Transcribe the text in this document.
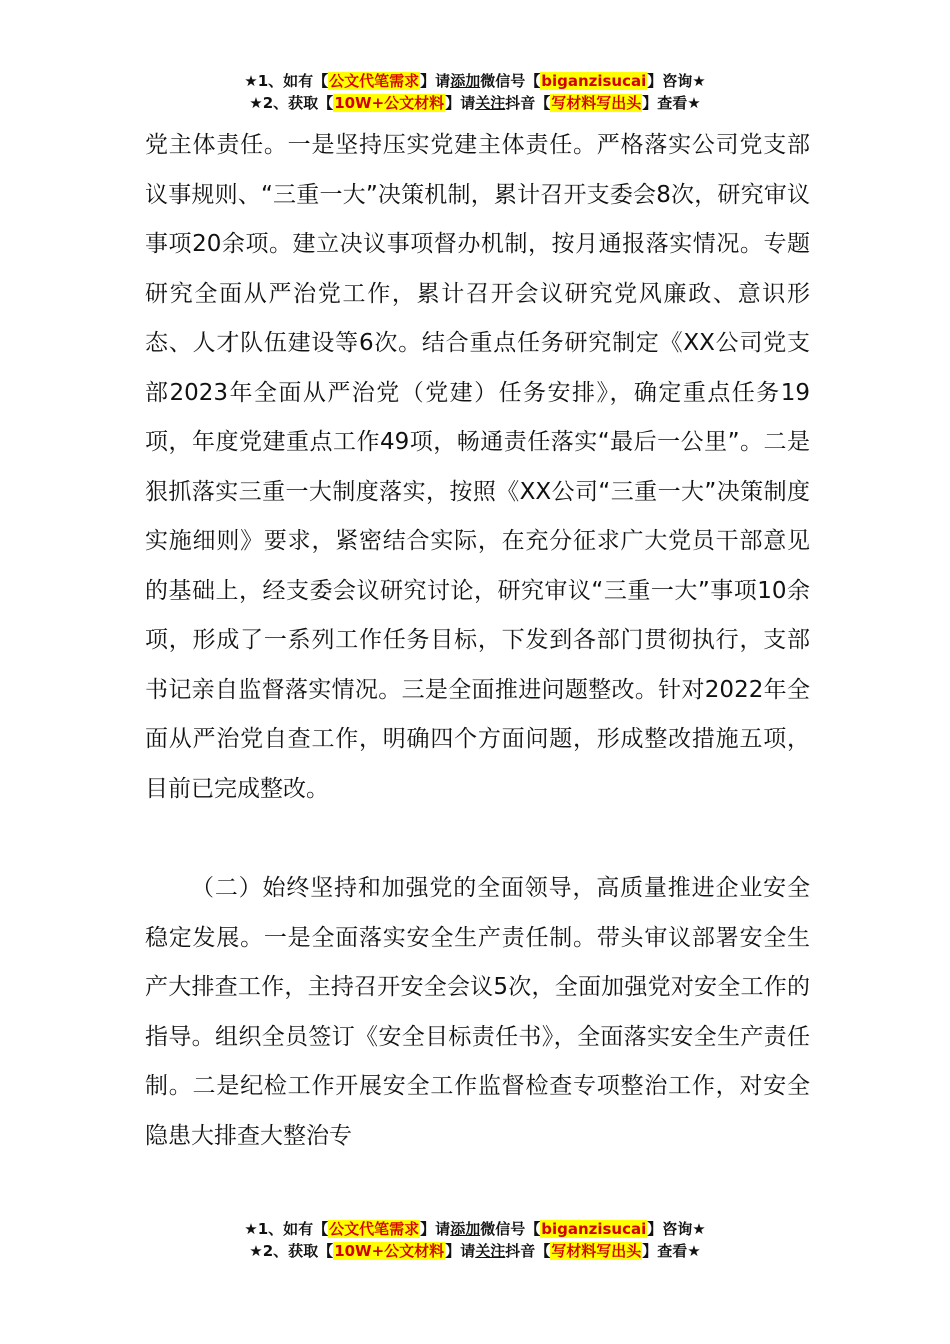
★1、如有【公文代笔需求】请添加微信号【biganzisucai】咨询★
★2、获取【10W+公文材料】请关注抖音【写材料写出头】查看★

党主体责任。一是坚持压实党建主体责任。严格落实公司党支部议事规则、“三重一大”决策机制，累计召开支委会8次，研究审议事项20余项。建立决议事项督办机制，按月通报落实情况。专题研究全面从严治党工作，累计召开会议研究党风廉政、意识形态、人才队伍建设等6次。结合重点任务研究制定《XX公司党支部2023年全面从严治党（党建）任务安排》，确定重点任务19项，年度党建重点工作49项，畅通责任落实“最后一公里”。二是狠抓落实三重一大制度落实，按照《XX公司“三重一大”决策制度实施细则》要求，紧密结合实际，在充分征求广大党员干部意见的基础上，经支委会议研究讨论，研究审议“三重一大”事项10余项，形成了一系列工作任务目标，下发到各部门贯彻执行，支部书记亲自监督落实情况。三是全面推进问题整改。针对2022年全面从严治党自查工作，明确四个方面问题，形成整改措施五项，目前已完成整改。

（二）始终坚持和加强党的全面领导，高质量推进企业安全稳定发展。一是全面落实安全生产责任制。带头审议部署安全生产大排查工作，主持召开安全会议5次，全面加强党对安全工作的指导。组织全员签订《安全目标责任书》，全面落实安全生产责任制。二是纪检工作开展安全工作监督检查专项整治工作，对安全隐患大排查大整治专

★1、如有【公文代笔需求】请添加微信号【biganzisucai】咨询★
★2、获取【10W+公文材料】请关注抖音【写材料写出头】查看★
